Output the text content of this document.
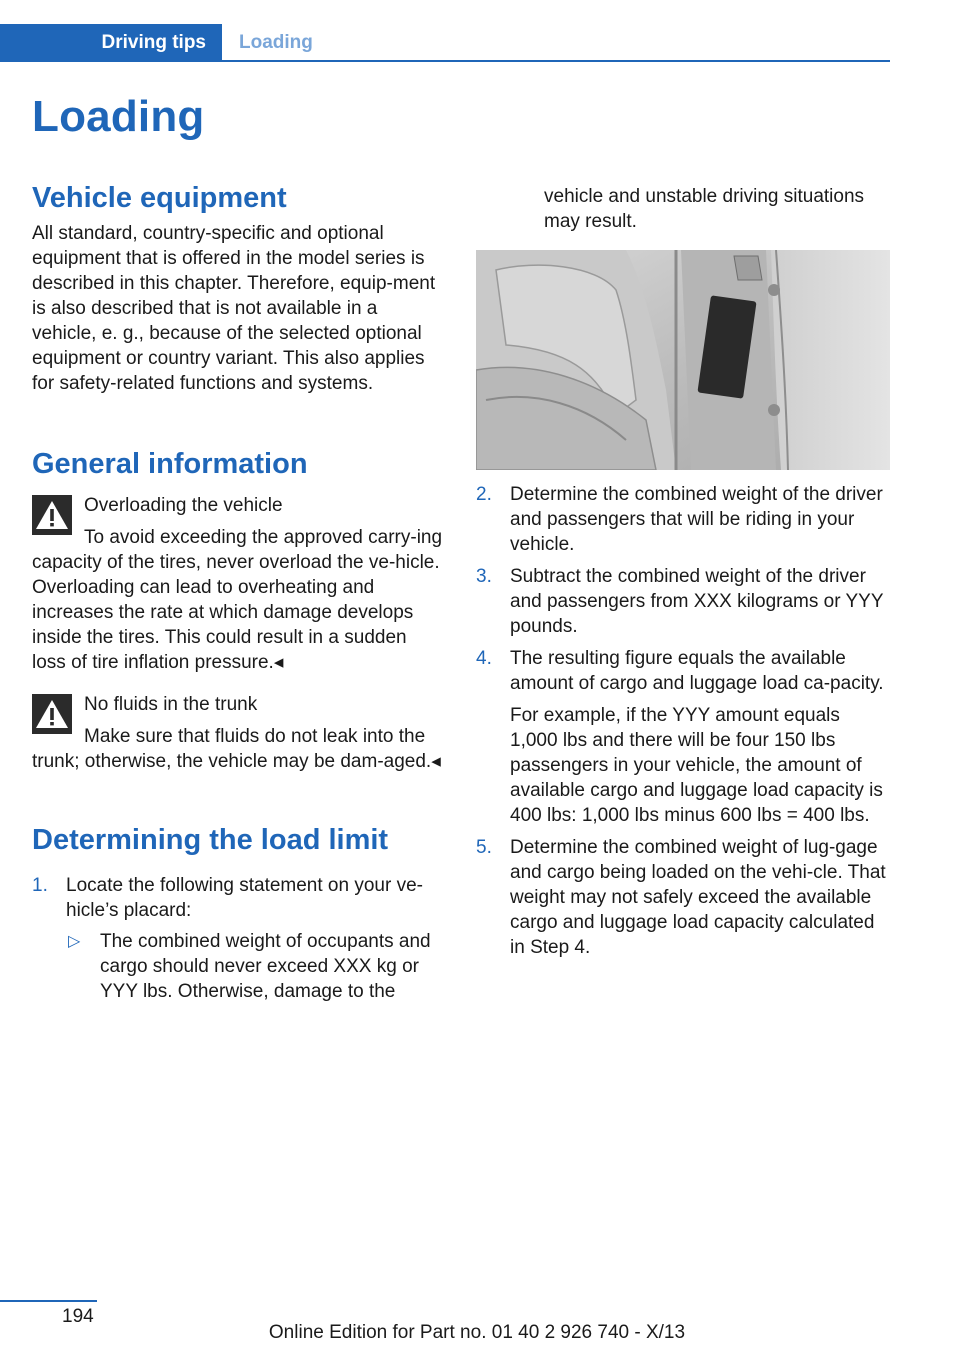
Driving tips	Loading
Loading
Vehicle equipment

All standard, country-specific and optional equipment that is offered in the model series is described in this chapter. Therefore, equip-ment is also described that is not available in a vehicle, e. g., because of the selected optional equipment or country variant. This also applies for safety-related functions and systems.

General information

Overloading the vehicle

To avoid exceeding the approved carry-ing capacity of the tires, never overload the ve-hicle. Overloading can lead to overheating and increases the rate at which damage develops inside the tires. This could result in a sudden loss of tire inflation pressure.◂

No fluids in the trunk

Make sure that fluids do not leak into the trunk; otherwise, the vehicle may be dam-aged.◂

Determining the load limit
1. Locate the following statement on your ve-hicle’s placard:
▷ The combined weight of occupants and cargo should never exceed XXX kg or YYY lbs. Otherwise, damage to the

vehicle and unstable driving situations may result.

2. Determine the combined weight of the driver and passengers that will be riding in your vehicle.
3. Subtract the combined weight of the driver and passengers from XXX kilograms or YYY pounds.
4. The resulting figure equals the available amount of cargo and luggage load ca-pacity.

For example, if the YYY amount equals 1,000 lbs and there will be four 150 lbs passengers in your vehicle, the amount of available cargo and luggage load capacity is 400 lbs: 1,000 lbs minus 600 lbs = 400 lbs.

5. Determine the combined weight of lug-gage and cargo being loaded on the vehi-cle. That weight may not safely exceed the available cargo and luggage load capacity calculated in Step 4.
194
Online Edition for Part no. 01 40 2 926 740 - X/13
